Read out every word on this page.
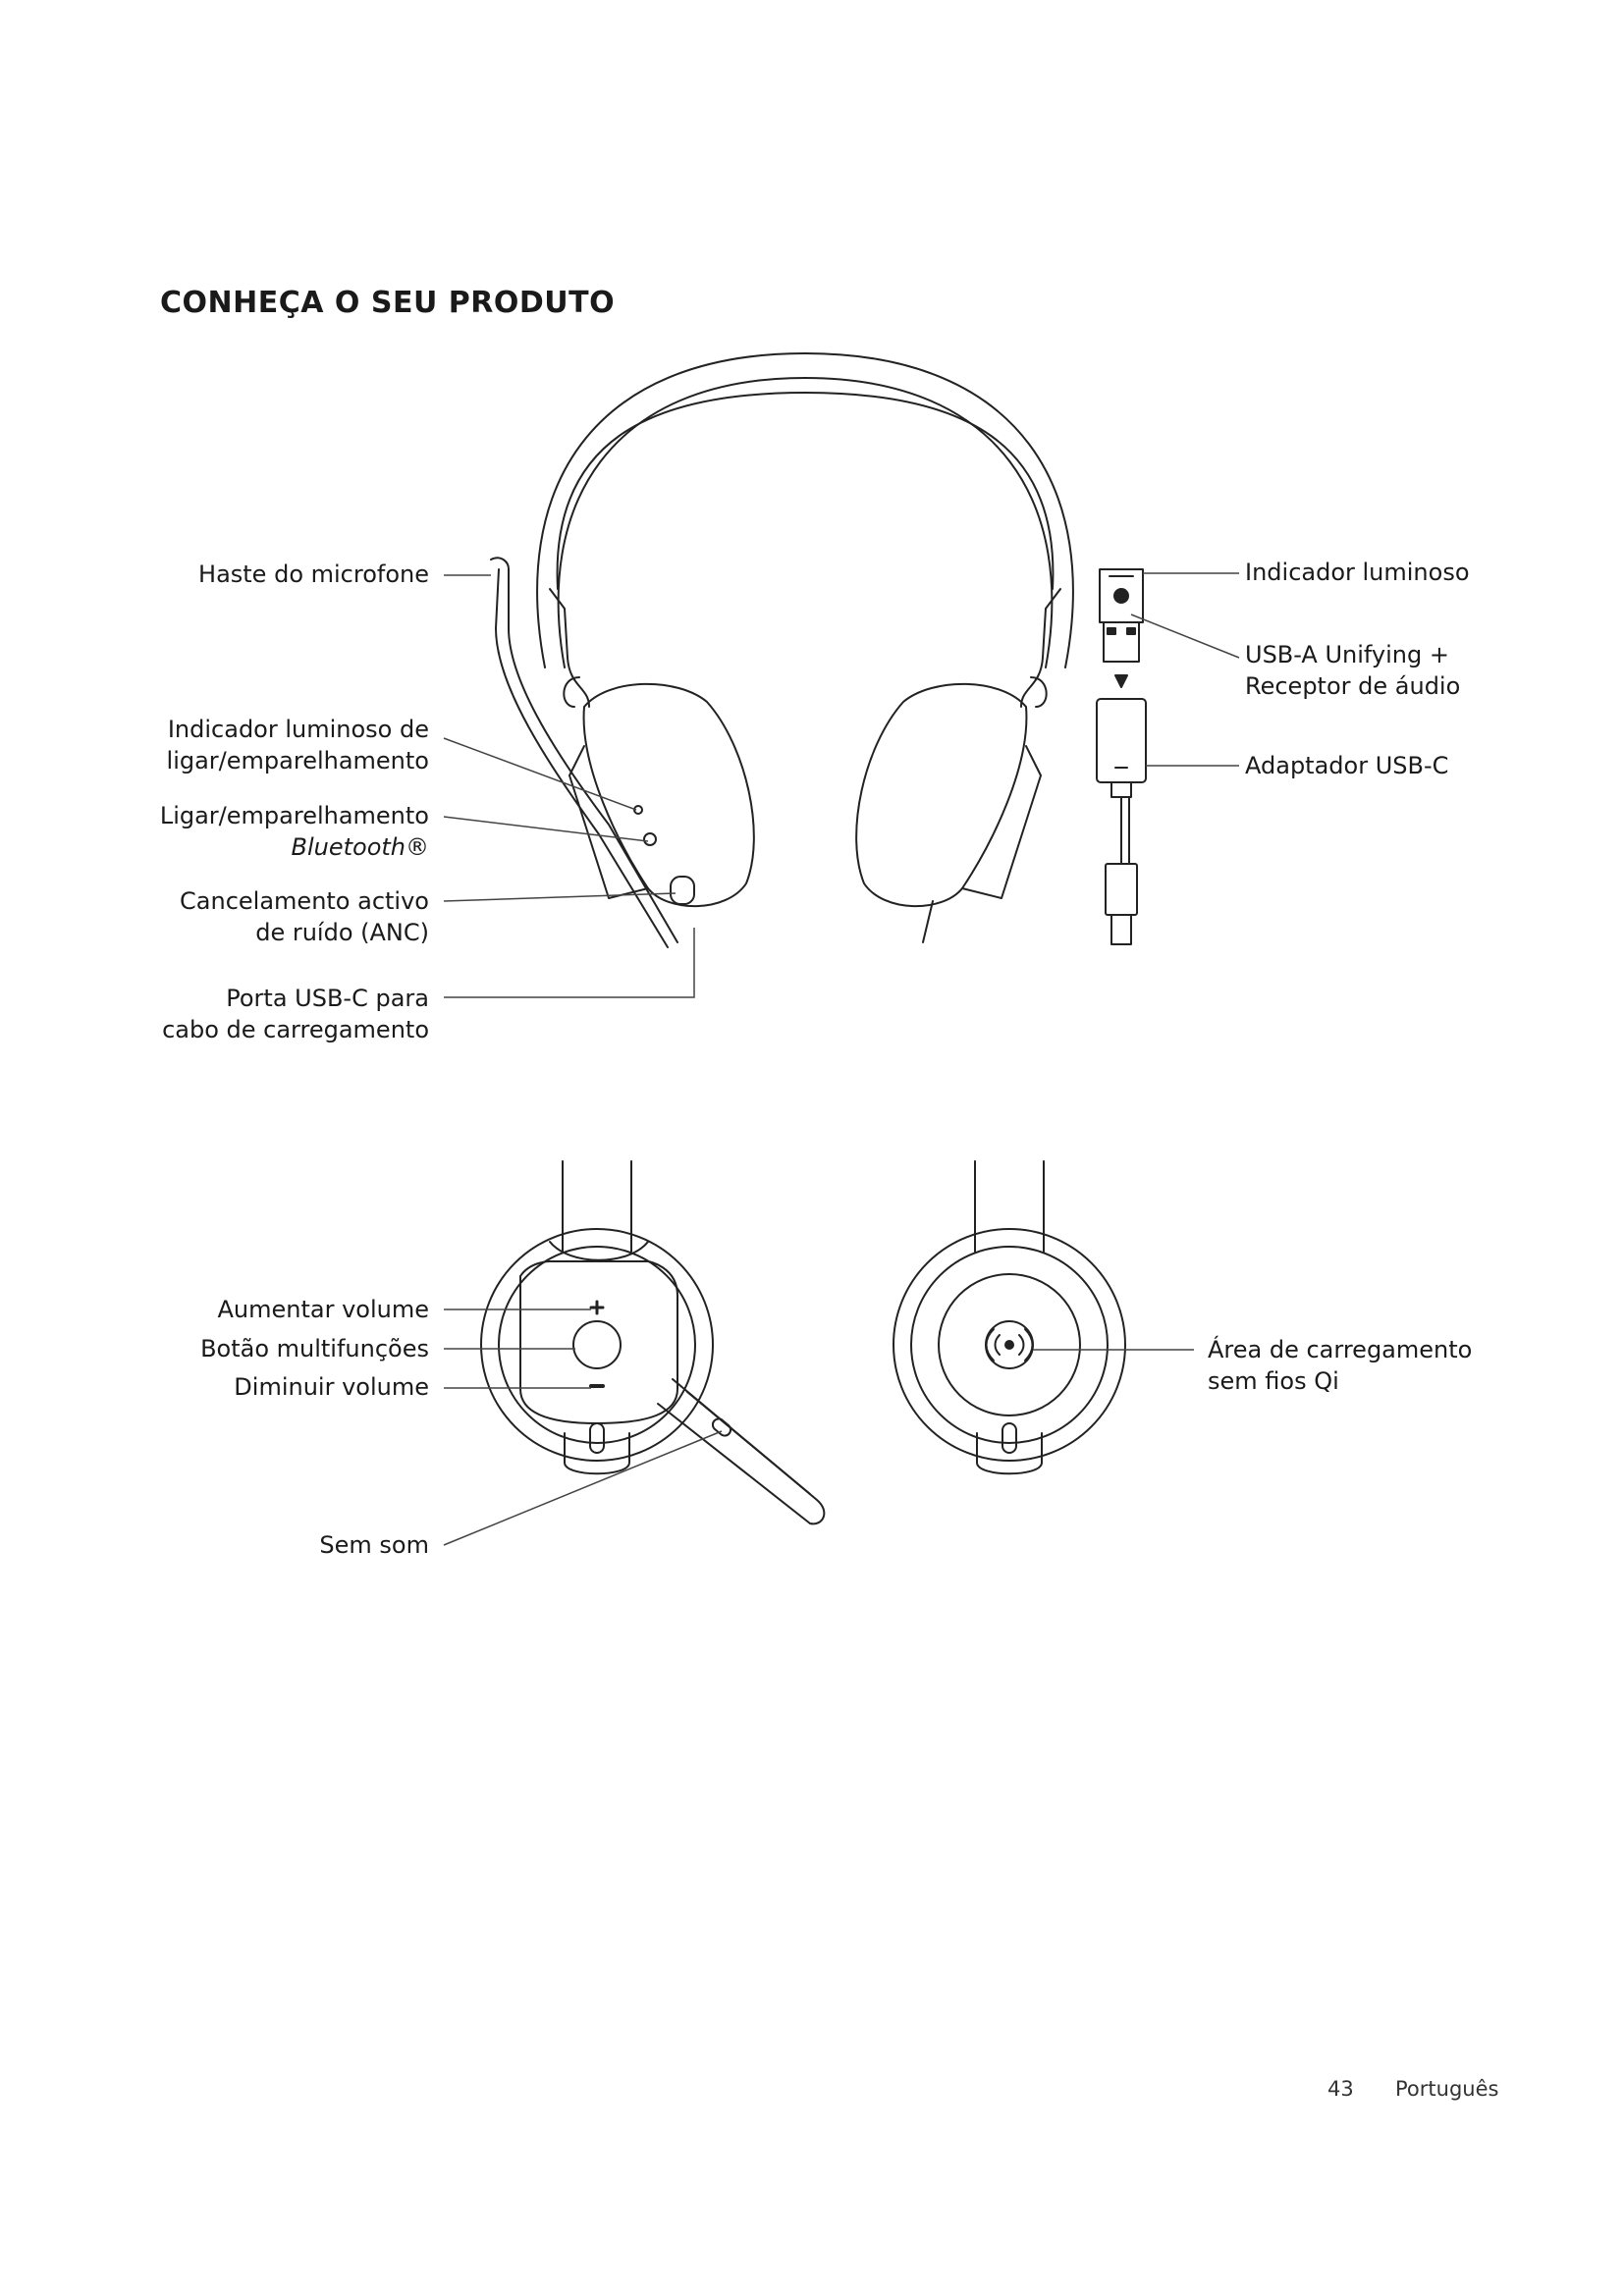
CONHEÇA O SEU PRODUTO
Haste do microfone
Indicador luminoso de
ligar/emparelhamento
Ligar/emparelhamento
Bluetooth®
Cancelamento activo
de ruído (ANC)
Porta USB-C para
cabo de carregamento
Indicador luminoso
USB-A Unifying +
Receptor de áudio
Adaptador USB-C
Aumentar volume
Botão multifunções
Diminuir volume
Sem som
Área de carregamento
sem fios Qi
43 Português
